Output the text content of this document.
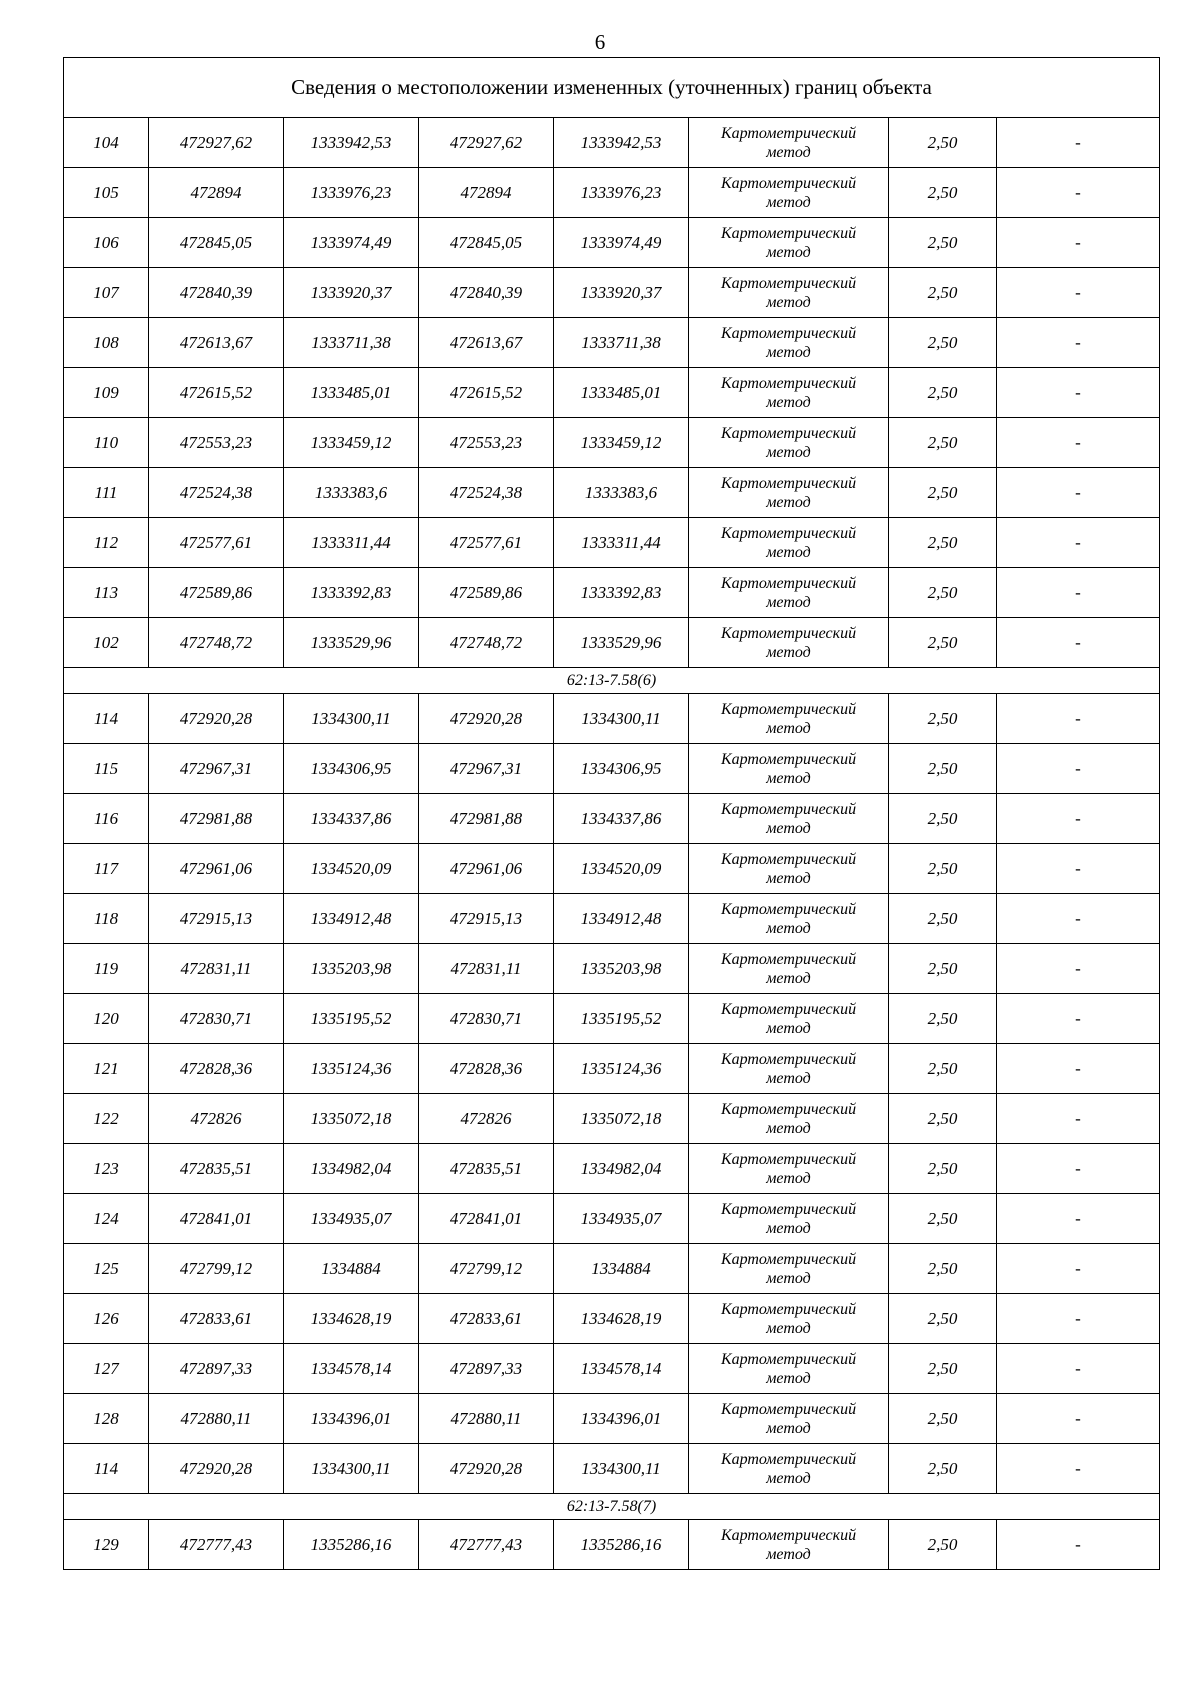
6
Сведения о местоположении измененных (уточненных) границ объекта							
104	472927,62	1333942,53	472927,62	1333942,53	Картометрический
метод	2,50	-
105	472894	1333976,23	472894	1333976,23	Картометрический
метод	2,50	-
106	472845,05	1333974,49	472845,05	1333974,49	Картометрический
метод	2,50	-
107	472840,39	1333920,37	472840,39	1333920,37	Картометрический
метод	2,50	-
108	472613,67	1333711,38	472613,67	1333711,38	Картометрический
метод	2,50	-
109	472615,52	1333485,01	472615,52	1333485,01	Картометрический
метод	2,50	-
110	472553,23	1333459,12	472553,23	1333459,12	Картометрический
метод	2,50	-
111	472524,38	1333383,6	472524,38	1333383,6	Картометрический
метод	2,50	-
112	472577,61	1333311,44	472577,61	1333311,44	Картометрический
метод	2,50	-
113	472589,86	1333392,83	472589,86	1333392,83	Картометрический
метод	2,50	-
102	472748,72	1333529,96	472748,72	1333529,96	Картометрический
метод	2,50	-
62:13-7.58(6)							
114	472920,28	1334300,11	472920,28	1334300,11	Картометрический
метод	2,50	-
115	472967,31	1334306,95	472967,31	1334306,95	Картометрический
метод	2,50	-
116	472981,88	1334337,86	472981,88	1334337,86	Картометрический
метод	2,50	-
117	472961,06	1334520,09	472961,06	1334520,09	Картометрический
метод	2,50	-
118	472915,13	1334912,48	472915,13	1334912,48	Картометрический
метод	2,50	-
119	472831,11	1335203,98	472831,11	1335203,98	Картометрический
метод	2,50	-
120	472830,71	1335195,52	472830,71	1335195,52	Картометрический
метод	2,50	-
121	472828,36	1335124,36	472828,36	1335124,36	Картометрический
метод	2,50	-
122	472826	1335072,18	472826	1335072,18	Картометрический
метод	2,50	-
123	472835,51	1334982,04	472835,51	1334982,04	Картометрический
метод	2,50	-
124	472841,01	1334935,07	472841,01	1334935,07	Картометрический
метод	2,50	-
125	472799,12	1334884	472799,12	1334884	Картометрический
метод	2,50	-
126	472833,61	1334628,19	472833,61	1334628,19	Картометрический
метод	2,50	-
127	472897,33	1334578,14	472897,33	1334578,14	Картометрический
метод	2,50	-
128	472880,11	1334396,01	472880,11	1334396,01	Картометрический
метод	2,50	-
114	472920,28	1334300,11	472920,28	1334300,11	Картометрический
метод	2,50	-
62:13-7.58(7)							
129	472777,43	1335286,16	472777,43	1335286,16	Картометрический
метод	2,50	-
